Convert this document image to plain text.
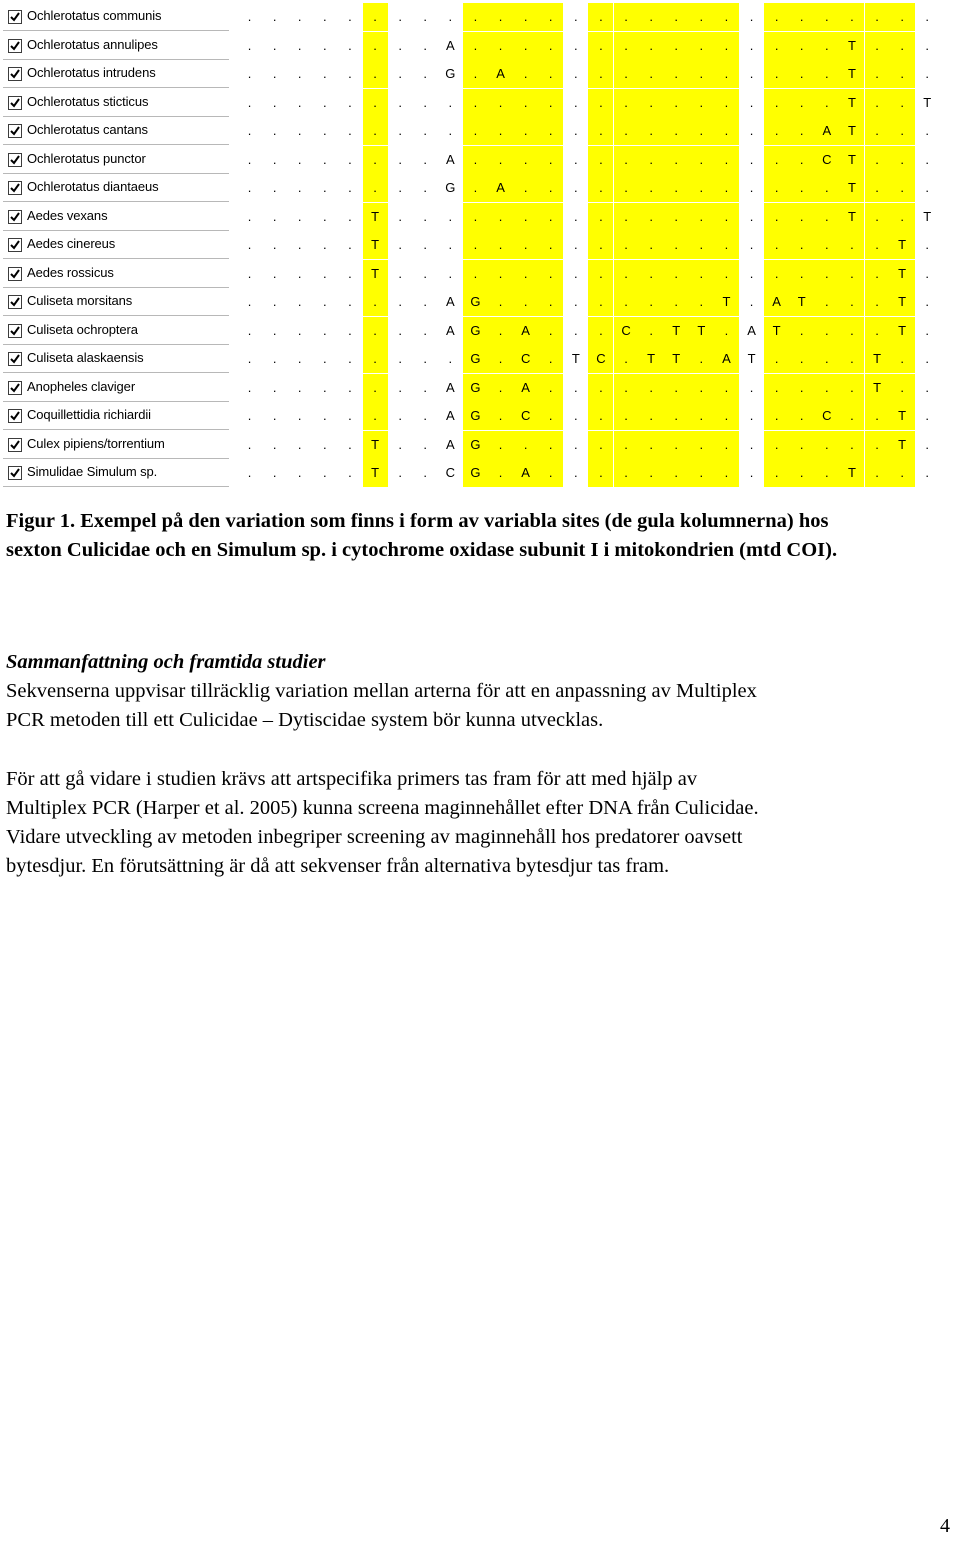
Ochlerotatus communis	.	.	.	.	.	.	.	.	.	.	.	.	.	.	.	.	.	.	.	.	.	.	.	.	.	.	.	.
Ochlerotatus annulipes	.	.	.	.	.	.	.	.	A	.	.	.	.	.	.	.	.	.	.	.	.	.	.	.	T	.	.	.
Ochlerotatus intrudens	.	.	.	.	.	.	.	.	G	.	A	.	.	.	.	.	.	.	.	.	.	.	.	.	T	.	.	.
Ochlerotatus sticticus	.	.	.	.	.	.	.	.	.	.	.	.	.	.	.	.	.	.	.	.	.	.	.	.	T	.	.	T
Ochlerotatus cantans	.	.	.	.	.	.	.	.	.	.	.	.	.	.	.	.	.	.	.	.	.	.	.	A	T	.	.	.
Ochlerotatus punctor	.	.	.	.	.	.	.	.	A	.	.	.	.	.	.	.	.	.	.	.	.	.	.	C	T	.	.	.
Ochlerotatus diantaeus	.	.	.	.	.	.	.	.	G	.	A	.	.	.	.	.	.	.	.	.	.	.	.	.	T	.	.	.
Aedes vexans	.	.	.	.	.	T	.	.	.	.	.	.	.	.	.	.	.	.	.	.	.	.	.	.	T	.	.	T
Aedes cinereus	.	.	.	.	.	T	.	.	.	.	.	.	.	.	.	.	.	.	.	.	.	.	.	.	.	.	T	.
Aedes rossicus	.	.	.	.	.	T	.	.	.	.	.	.	.	.	.	.	.	.	.	.	.	.	.	.	.	.	T	.
Culiseta morsitans	.	.	.	.	.	.	.	.	A	G	.	.	.	.	.	.	.	.	.	T	.	A	T	.	.	.	T	.
Culiseta ochroptera	.	.	.	.	.	.	.	.	A	G	.	A	.	.	.	C	.	T	T	.	A	T	.	.	.	.	T	.
Culiseta alaskaensis	.	.	.	.	.	.	.	.	.	G	.	C	.	T	C	.	T	T	.	A	T	.	.	.	.	T	.	.
Anopheles claviger	.	.	.	.	.	.	.	.	A	G	.	A	.	.	.	.	.	.	.	.	.	.	.	.	.	T	.	.
Coquillettidia richiardii	.	.	.	.	.	.	.	.	A	G	.	C	.	.	.	.	.	.	.	.	.	.	.	C	.	.	T	.
Culex pipiens/torrentium	.	.	.	.	.	T	.	.	A	G	.	.	.	.	.	.	.	.	.	.	.	.	.	.	.	.	T	.
Simulidae Simulum sp.	.	.	.	.	.	T	.	.	C	G	.	A	.	.	.	.	.	.	.	.	.	.	.	.	T	.	.	.
Figur 1. Exempel på den variation som finns i form av variabla sites (de gula kolumnerna) hos
sexton Culicidae och en Simulum sp. i cytochrome oxidase subunit I i mitokondrien (mtd COI).
Sammanfattning och framtida studier
Sekvenserna uppvisar tillräcklig variation mellan arterna för att en anpassning av Multiplex
PCR metoden till ett Culicidae – Dytiscidae system bör kunna utvecklas.
För att gå vidare i studien krävs att artspecifika primers tas fram för att med hjälp av
Multiplex PCR (Harper et al. 2005) kunna screena maginnehållet efter DNA från Culicidae.
Vidare utveckling av metoden inbegriper screening av maginnehåll hos predatorer oavsett
bytesdjur. En förutsättning är då att sekvenser från alternativa bytesdjur tas fram.
4
